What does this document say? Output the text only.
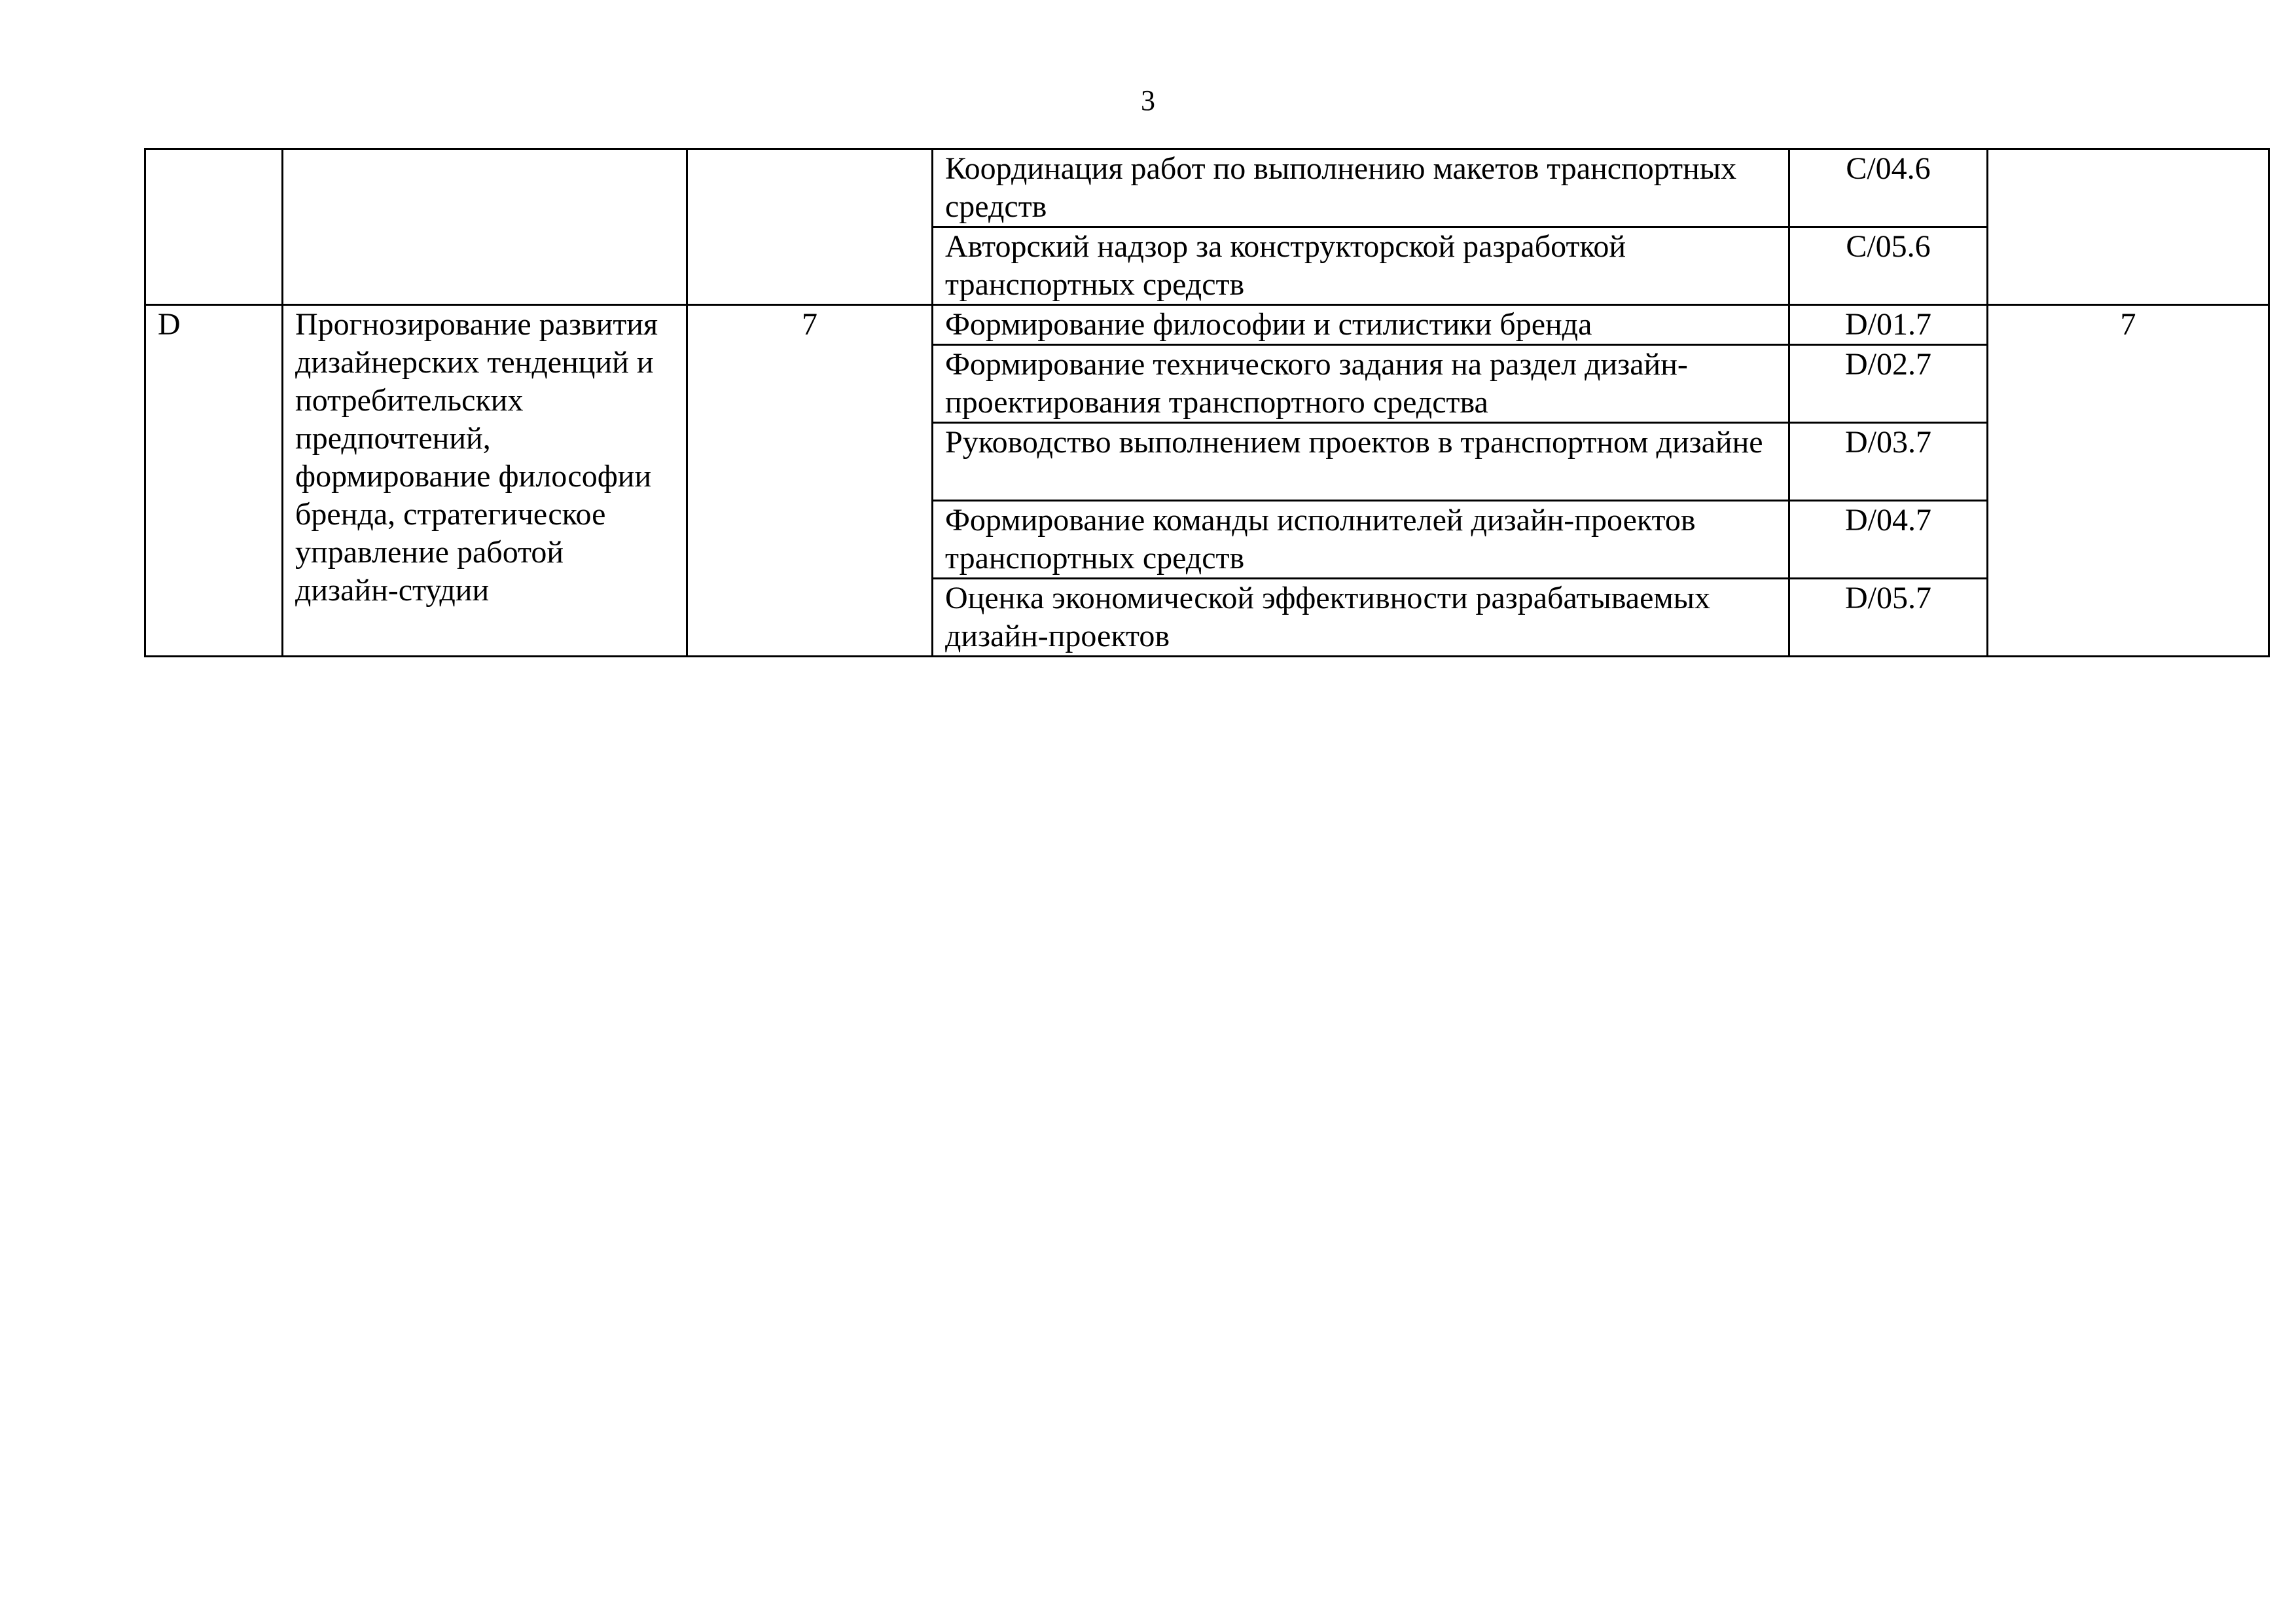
3
			Координация работ по выполнению макетов транспортных средств	C/04.6	
			Авторский надзор за конструкторской разработкой транспортных средств	C/05.6	
D	Прогнозирование развития дизайнерских тенденций и потребительских предпочтений, формирование философии бренда, стратегическое управление работой дизайн-студии	7	Формирование философии и стилистики бренда	D/01.7	7
			Формирование технического задания на раздел дизайн-проектирования транспортного средства	D/02.7	
			Руководство выполнением проектов в транспортном дизайне	D/03.7	
			Формирование команды исполнителей дизайн-проектов транспортных средств	D/04.7	
			Оценка экономической эффективности разрабатываемых дизайн-проектов	D/05.7	
